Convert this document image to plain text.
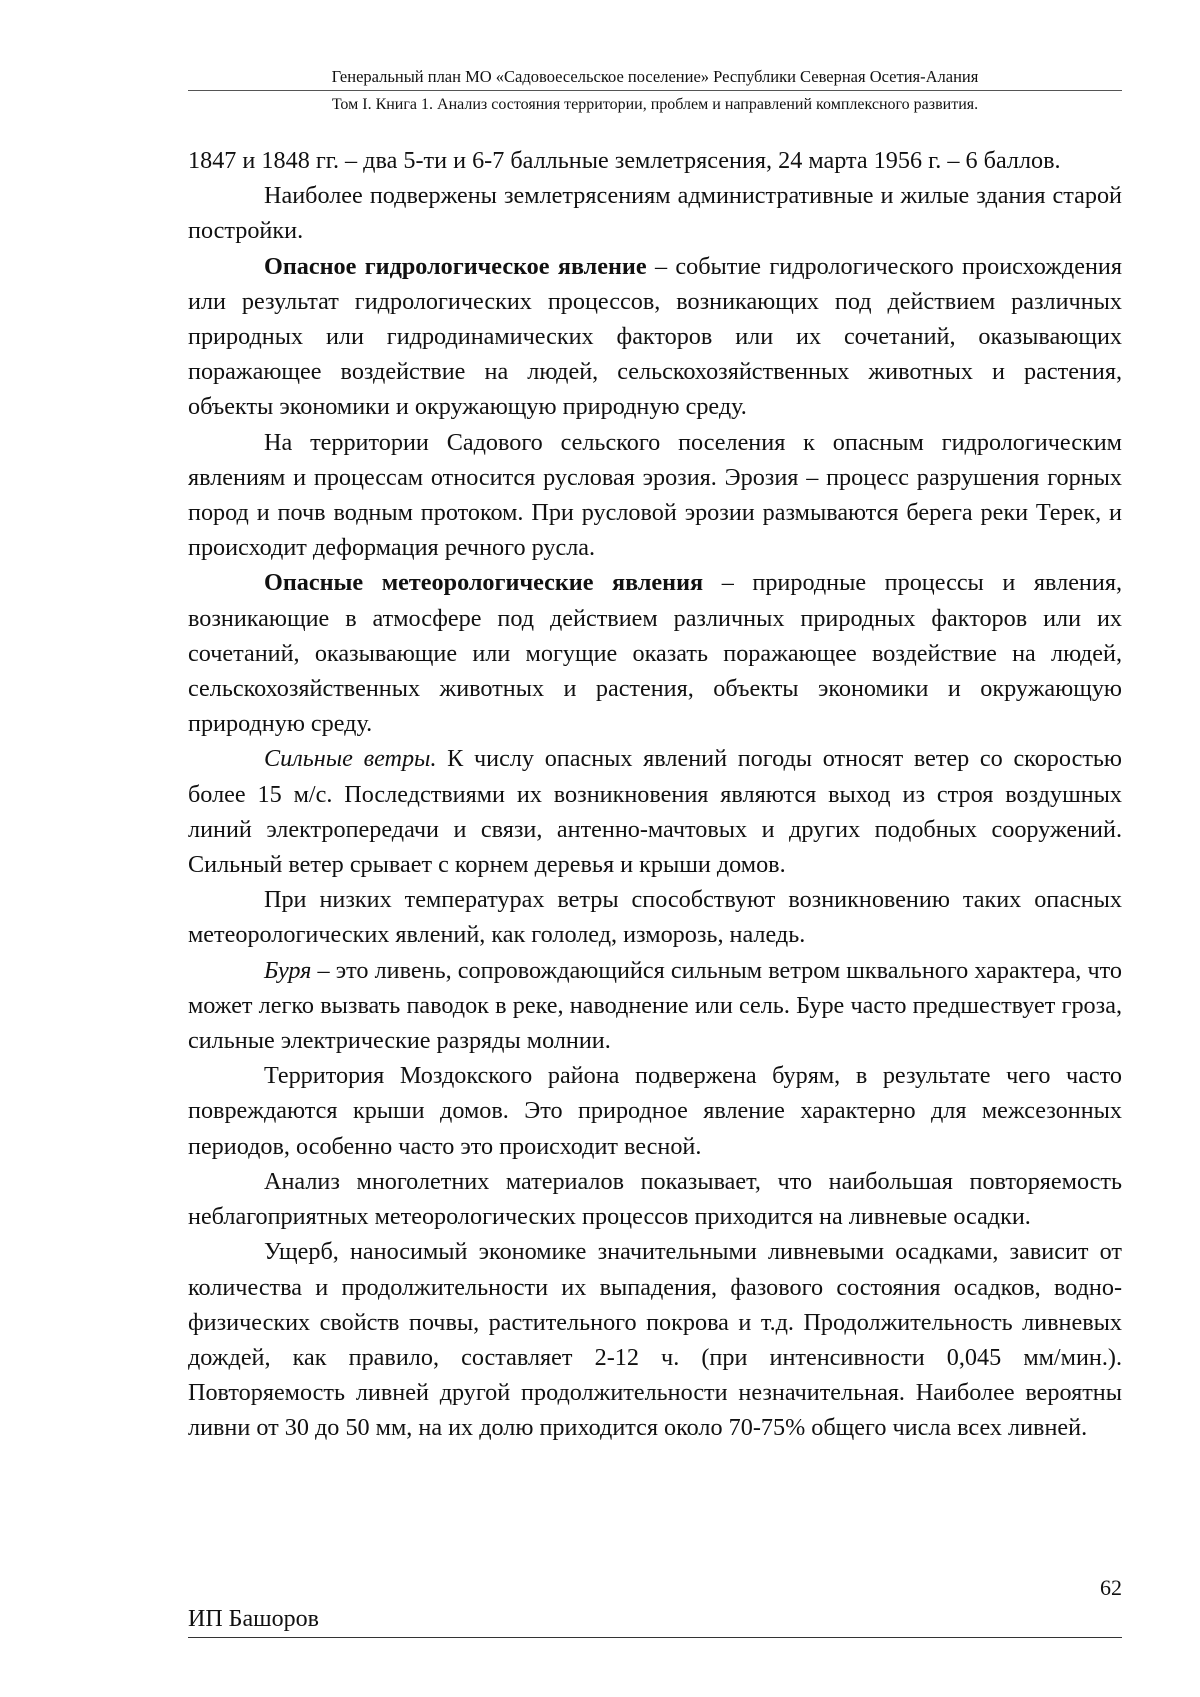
Генеральный план МО «Садовоесельское поселение» Республики Северная Осетия-Алания
Том I. Книга 1. Анализ состояния территории, проблем и направлений комплексного развития.

1847 и 1848 гг. – два 5-ти и 6-7 балльные землетрясения, 24 марта 1956 г. – 6 баллов.

Наиболее подвержены землетрясениям административные и жилые здания старой постройки.

Опасное гидрологическое явление – событие гидрологического происхождения или результат гидрологических процессов, возникающих под действием различных природных или гидродинамических факторов или их сочетаний, оказывающих поражающее воздействие на людей, сельскохозяйственных животных и растения, объекты экономики и окружающую природную среду.

На территории Садового сельского поселения к опасным гидрологическим явлениям и процессам относится русловая эрозия. Эрозия – процесс разрушения горных пород и почв водным протоком. При русловой эрозии размываются берега реки Терек, и происходит деформация речного русла.

Опасные метеорологические явления – природные процессы и явления, возникающие в атмосфере под действием различных природных факторов или их сочетаний, оказывающие или могущие оказать поражающее воздействие на людей, сельскохозяйственных животных и растения, объекты экономики и окружающую природную среду.

Сильные ветры. К числу опасных явлений погоды относят ветер со скоростью более 15 м/с. Последствиями их возникновения являются выход из строя воздушных линий электропередачи и связи, антенно-мачтовых и других подобных сооружений. Сильный ветер срывает с корнем деревья и крыши домов.

При низких температурах ветры способствуют возникновению таких опасных метеорологических явлений, как гололед, изморозь, наледь.

Буря – это ливень, сопровождающийся сильным ветром шквального характера, что может легко вызвать паводок в реке, наводнение или сель. Буре часто предшествует гроза, сильные электрические разряды молнии.

Территория Моздокского района подвержена бурям, в результате чего часто повреждаются крыши домов. Это природное явление характерно для межсезонных периодов, особенно часто это происходит весной.

Анализ многолетних материалов показывает, что наибольшая повторяемость неблагоприятных метеорологических процессов приходится на ливневые осадки.

Ущерб, наносимый экономике значительными ливневыми осадками, зависит от количества и продолжительности их выпадения, фазового состояния осадков, водно-физических свойств почвы, растительного покрова и т.д. Продолжительность ливневых дождей, как правило, составляет 2-12 ч. (при интенсивности 0,045 мм/мин.). Повторяемость ливней другой продолжительности незначительная. Наиболее вероятны ливни от 30 до 50 мм, на их долю приходится около 70-75% общего числа всех ливней.

62
ИП Башоров
